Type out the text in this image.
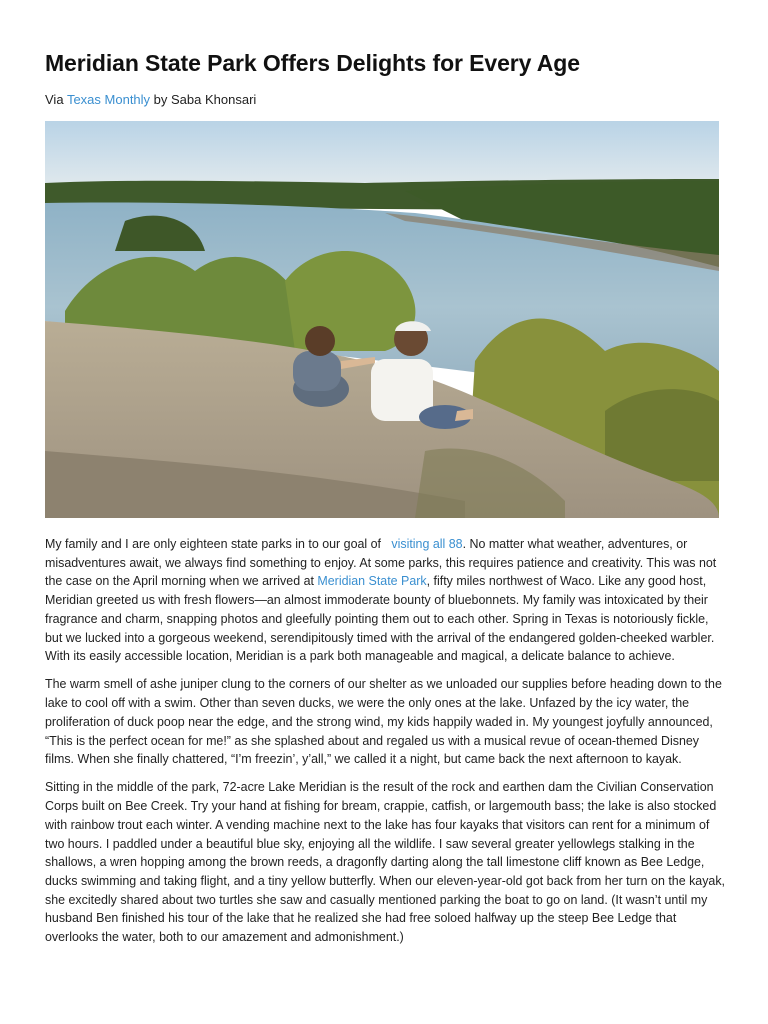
Meridian State Park Offers Delights for Every Age
Via Texas Monthly by Saba Khonsari

My family and I are only eighteen state parks in to our goal of visiting all 88. No matter what weather, adventures, or misadventures await, we always find something to enjoy. At some parks, this requires patience and creativity. This was not the case on the April morning when we arrived at Meridian State Park, fifty miles northwest of Waco. Like any good host, Meridian greeted us with fresh flowers—an almost immoderate bounty of bluebonnets. My family was intoxicated by their fragrance and charm, snapping photos and gleefully pointing them out to each other. Spring in Texas is notoriously fickle, but we lucked into a gorgeous weekend, serendipitously timed with the arrival of the endangered golden-cheeked warbler. With its easily accessible location, Meridian is a park both manageable and magical, a delicate balance to achieve.

The warm smell of ashe juniper clung to the corners of our shelter as we unloaded our supplies before heading down to the lake to cool off with a swim. Other than seven ducks, we were the only ones at the lake. Unfazed by the icy water, the proliferation of duck poop near the edge, and the strong wind, my kids happily waded in. My youngest joyfully announced, “This is the perfect ocean for me!” as she splashed about and regaled us with a musical revue of ocean-themed Disney films. When she finally chattered, “I’m freezin’, y’all,” we called it a night, but came back the next afternoon to kayak.

Sitting in the middle of the park, 72-acre Lake Meridian is the result of the rock and earthen dam the Civilian Conservation Corps built on Bee Creek. Try your hand at fishing for bream, crappie, catfish, or largemouth bass; the lake is also stocked with rainbow trout each winter. A vending machine next to the lake has four kayaks that visitors can rent for a minimum of two hours. I paddled under a beautiful blue sky, enjoying all the wildlife. I saw several greater yellowlegs stalking in the shallows, a wren hopping among the brown reeds, a dragonfly darting along the tall limestone cliff known as Bee Ledge, ducks swimming and taking flight, and a tiny yellow butterfly. When our eleven-year-old got back from her turn on the kayak, she excitedly shared about two turtles she saw and casually mentioned parking the boat to go on land. (It wasn’t until my husband Ben finished his tour of the lake that he realized she had free soloed halfway up the steep Bee Ledge that overlooks the water, both to our amazement and admonishment.)
